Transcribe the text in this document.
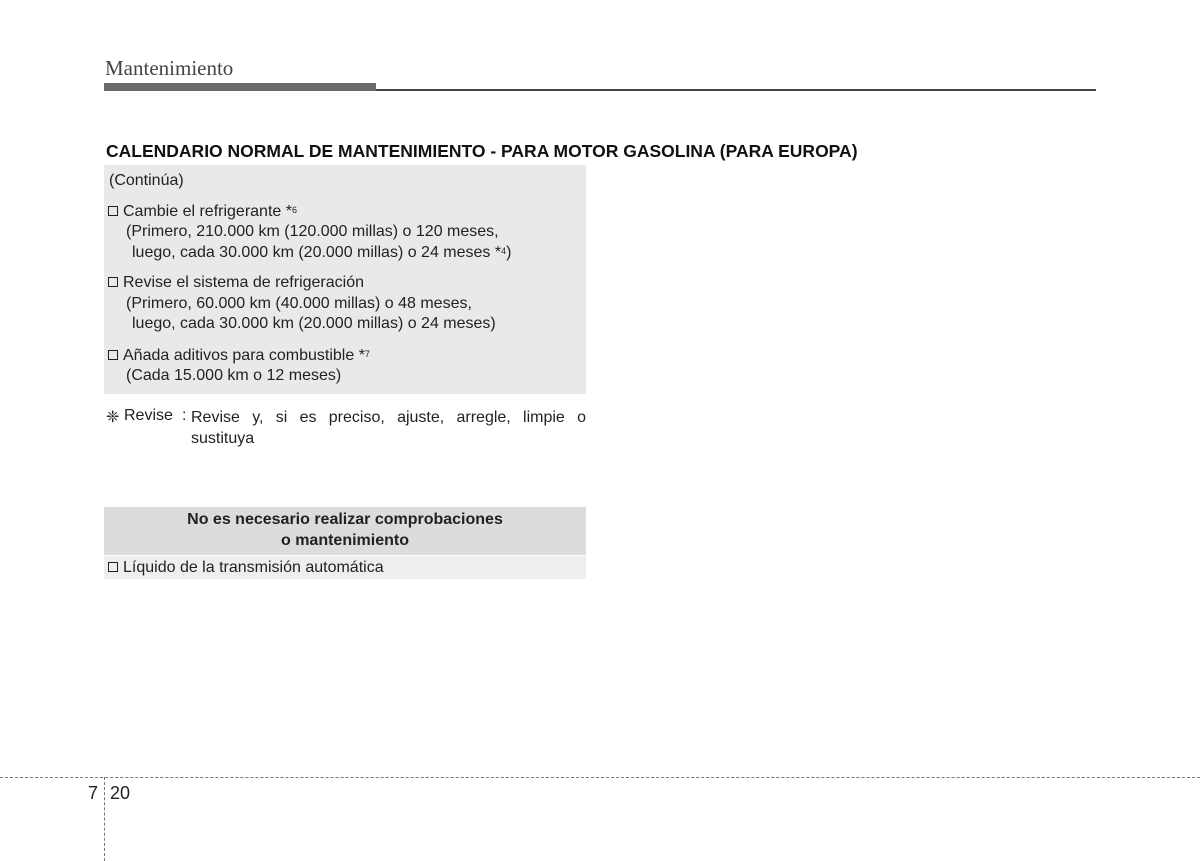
Mantenimiento
CALENDARIO NORMAL DE MANTENIMIENTO - PARA MOTOR GASOLINA (PARA EUROPA)
(Continúa)
Cambie el refrigerante *$^6$
(Primero, 210.000 km (120.000 millas) o 120 meses,
luego, cada 30.000 km (20.000 millas) o 24 meses *$^4$)
Revise el sistema de refrigeración
(Primero, 60.000 km (40.000 millas) o 48 meses,
luego, cada 30.000 km (20.000 millas) o 24 meses)
Añada aditivos para combustible *$^7$
(Cada 15.000 km o 12 meses)
❈ Revise : Revise y, si es preciso, ajuste, arregle, limpie o sustituya
No es necesario realizar comprobaciones
o mantenimiento
Líquido de la transmisión automática
7 20
